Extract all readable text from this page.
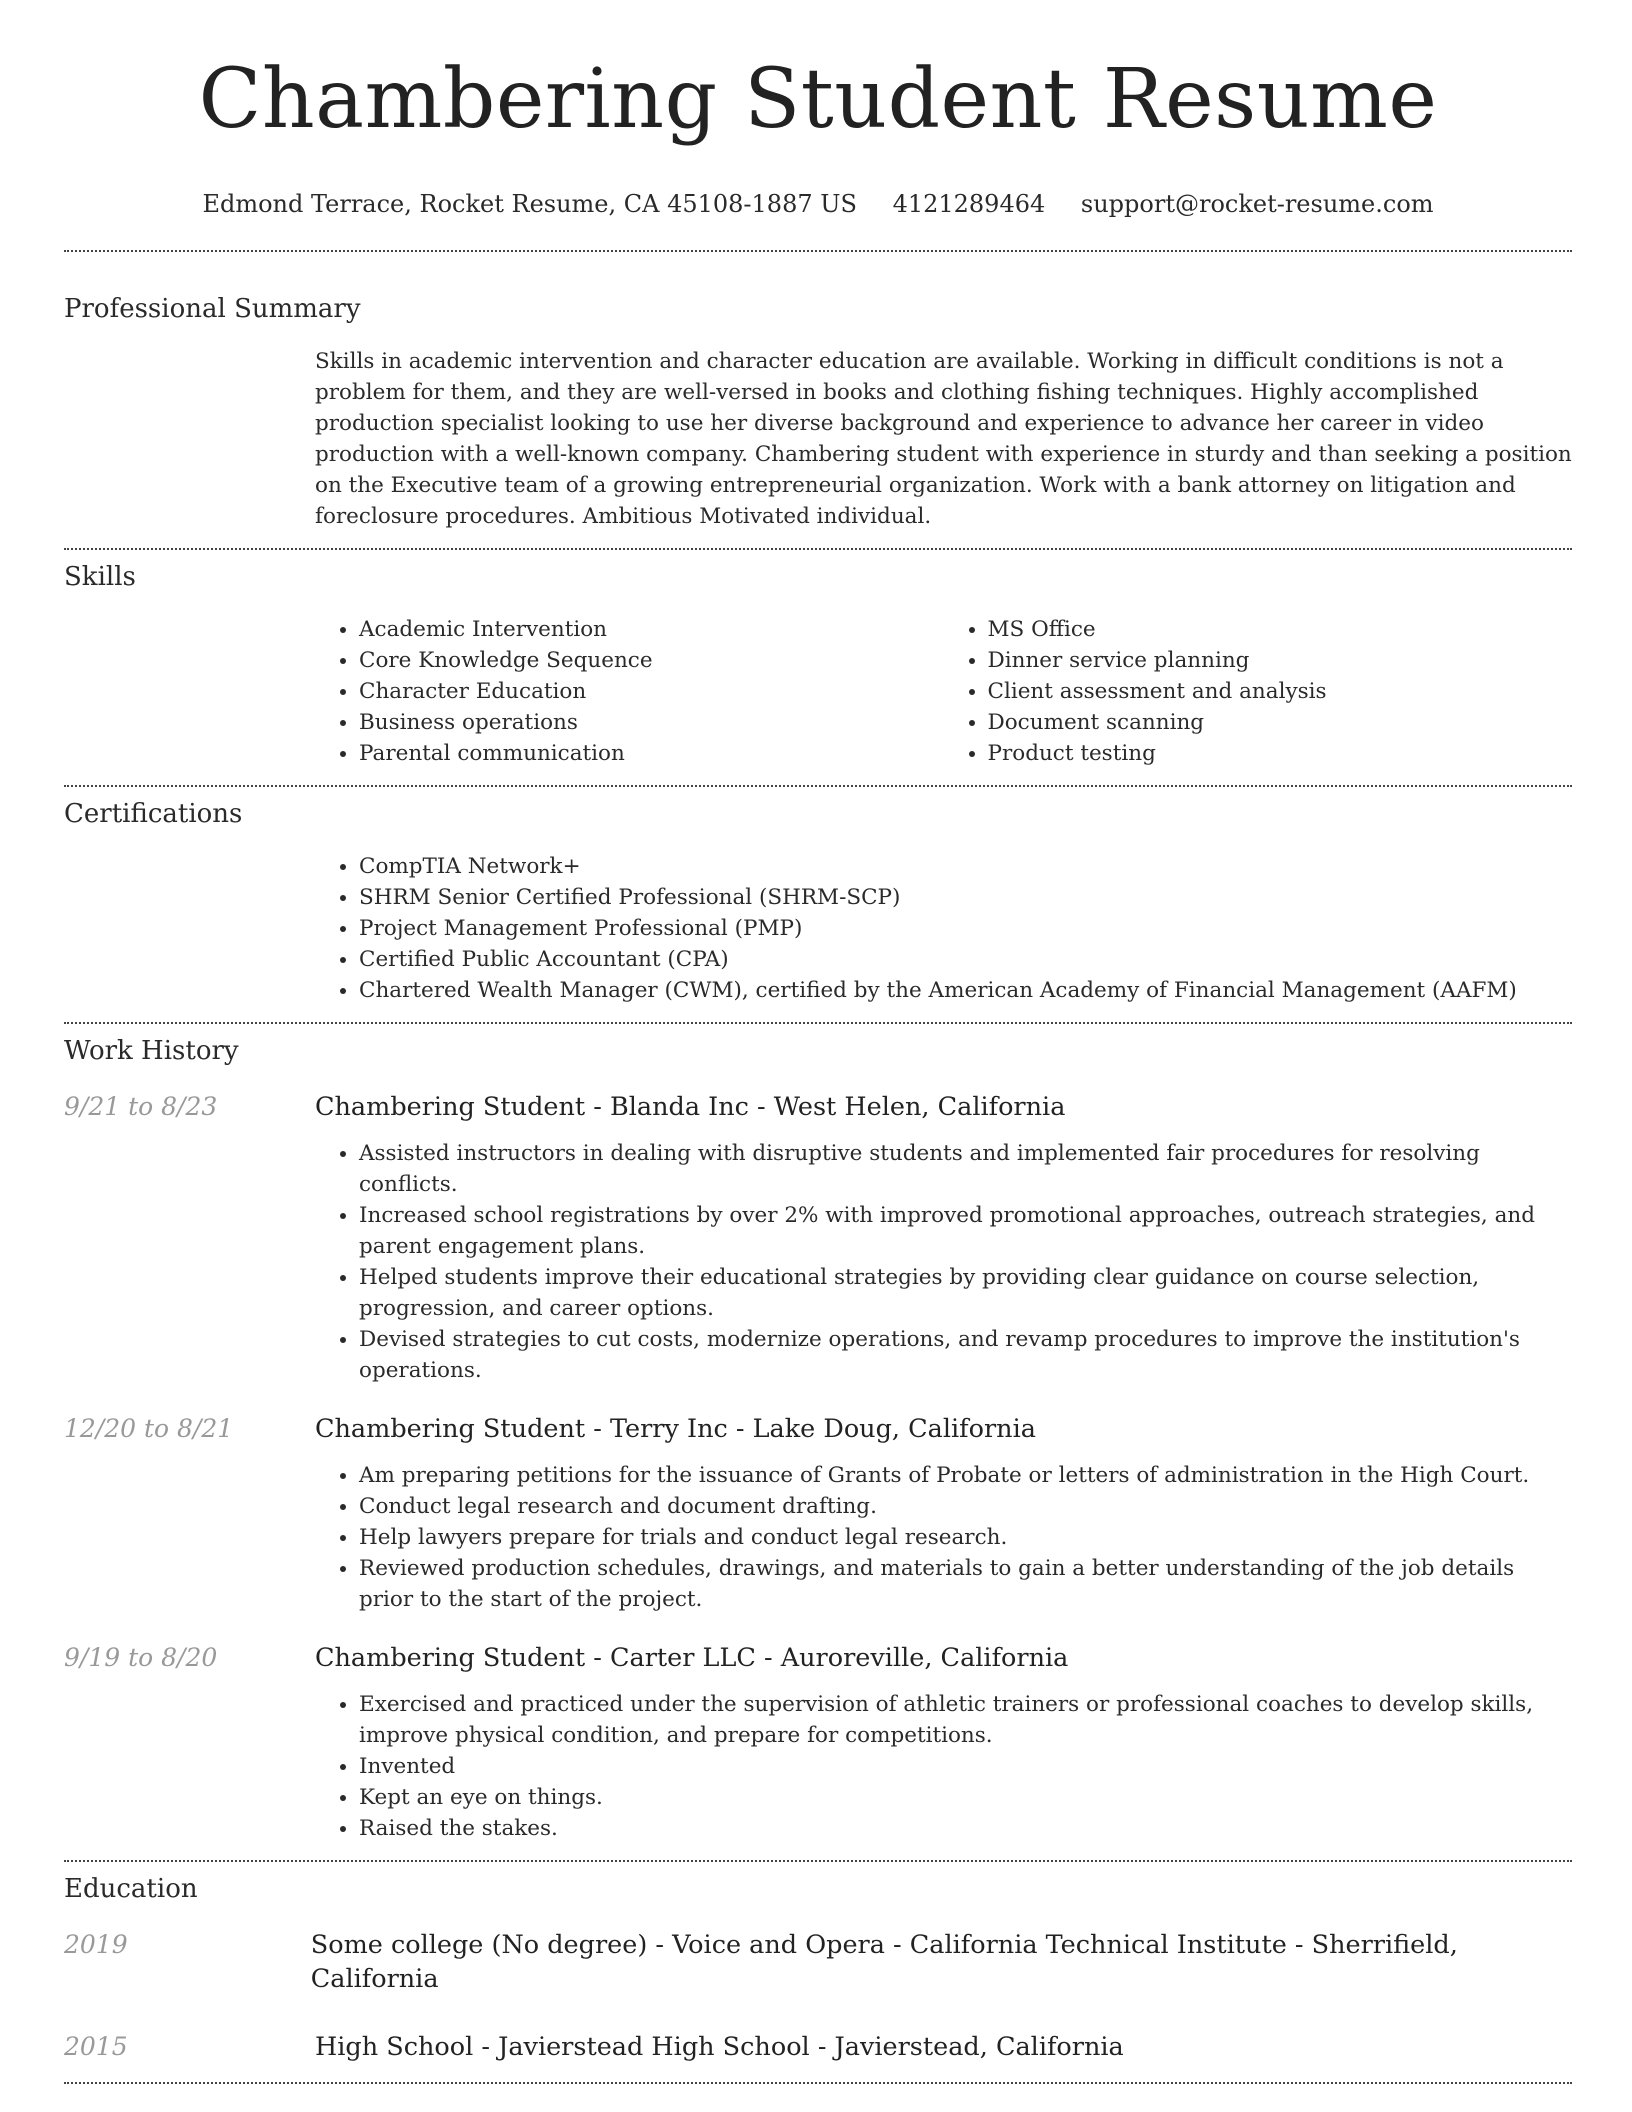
Chambering Student Resume
Edmond Terrace, Rocket Resume, CA 45108-1887 US 4121289464 support@rocket-resume.com
Professional Summary
Skills in academic intervention and character education are available. Working in difficult conditions is not a problem for them, and they are well-versed in books and clothing fishing techniques. Highly accomplished production specialist looking to use her diverse background and experience to advance her career in video production with a well-known company. Chambering student with experience in sturdy and than seeking a position on the Executive team of a growing entrepreneurial organization. Work with a bank attorney on litigation and foreclosure procedures. Ambitious Motivated individual.
Skills
• Academic Intervention
• Core Knowledge Sequence
• Character Education
• Business operations
• Parental communication
• MS Office
• Dinner service planning
• Client assessment and analysis
• Document scanning
• Product testing
Certifications
• CompTIA Network+
• SHRM Senior Certified Professional (SHRM-SCP)
• Project Management Professional (PMP)
• Certified Public Accountant (CPA)
• Chartered Wealth Manager (CWM), certified by the American Academy of Financial Management (AAFM)
Work History
9/21 to 8/23	Chambering Student - Blanda Inc - West Helen, California
• Assisted instructors in dealing with disruptive students and implemented fair procedures for resolving conflicts.
• Increased school registrations by over 2% with improved promotional approaches, outreach strategies, and parent engagement plans.
• Helped students improve their educational strategies by providing clear guidance on course selection, progression, and career options.
• Devised strategies to cut costs, modernize operations, and revamp procedures to improve the institution's operations.
12/20 to 8/21	Chambering Student - Terry Inc - Lake Doug, California
• Am preparing petitions for the issuance of Grants of Probate or letters of administration in the High Court.
• Conduct legal research and document drafting.
• Help lawyers prepare for trials and conduct legal research.
• Reviewed production schedules, drawings, and materials to gain a better understanding of the job details prior to the start of the project.
9/19 to 8/20	Chambering Student - Carter LLC - Auroreville, California
• Exercised and practiced under the supervision of athletic trainers or professional coaches to develop skills, improve physical condition, and prepare for competitions.
• Invented
• Kept an eye on things.
• Raised the stakes.
Education
2019	Some college (No degree) - Voice and Opera - California Technical Institute - Sherrifield, California
2015	High School - Javierstead High School - Javierstead, California
